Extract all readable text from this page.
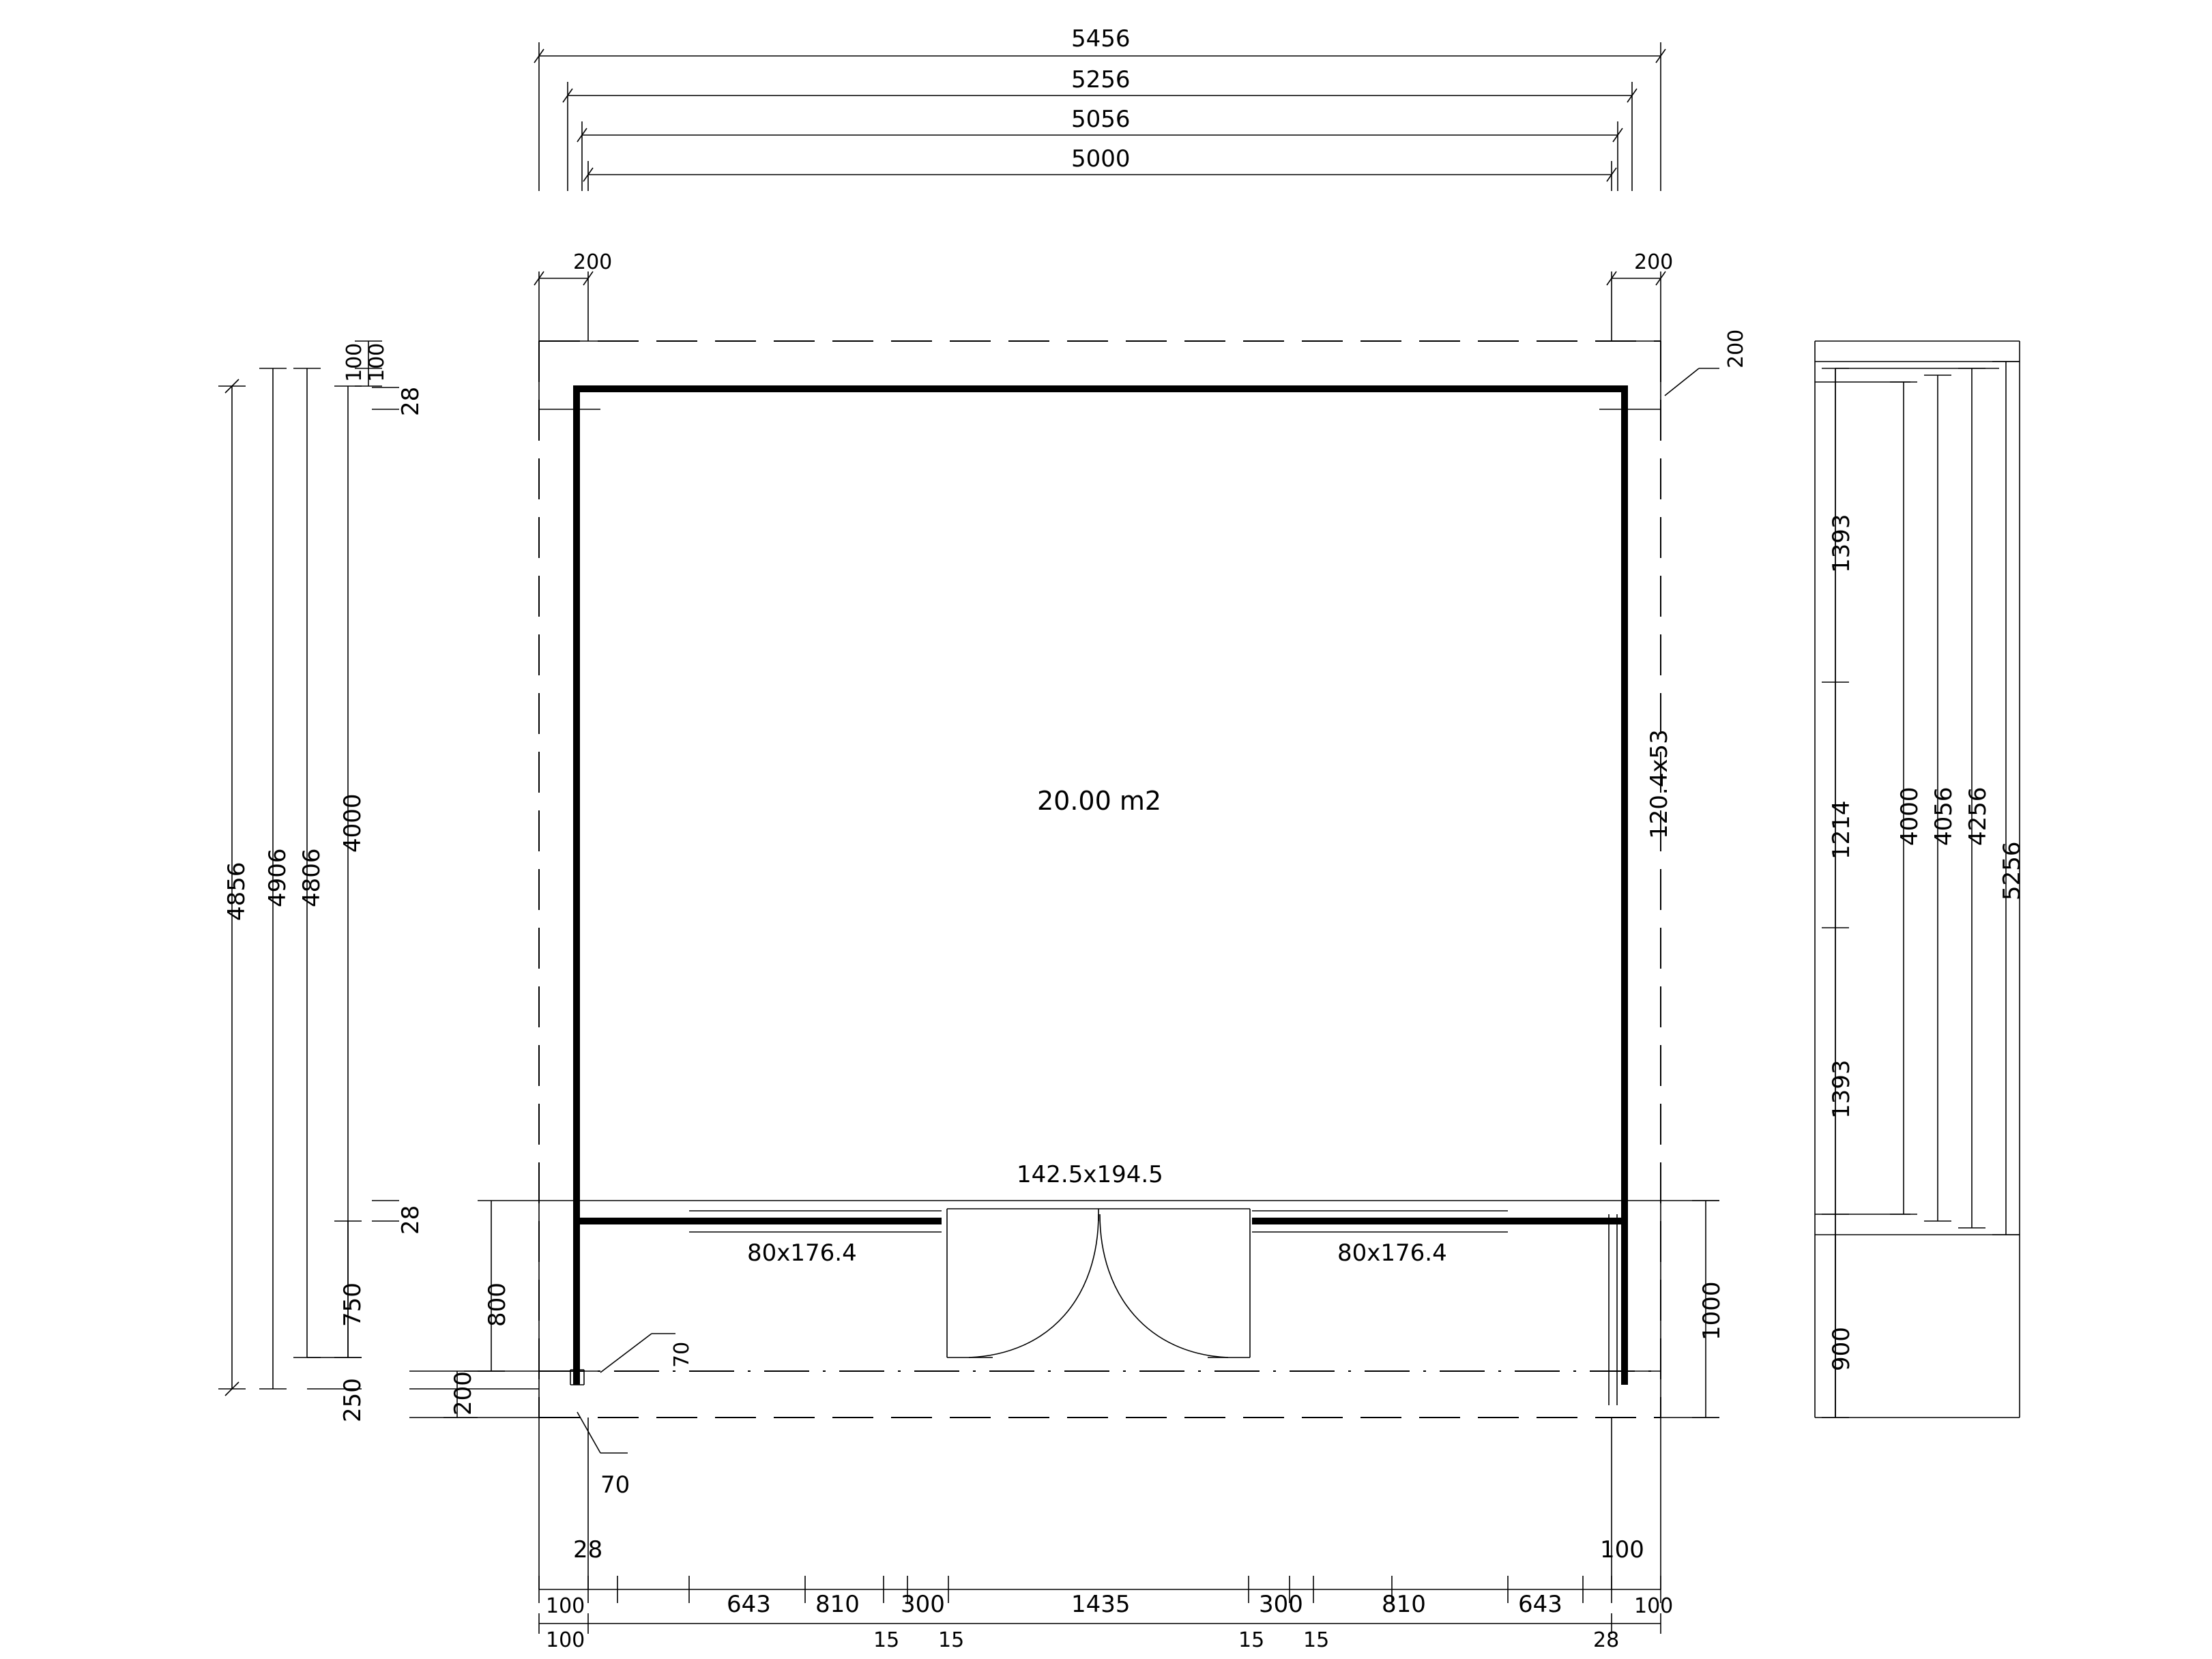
5456
5256
5056
5000
200	200
200
20.00 m2
142.5x194.5
80x176.4	80x176.4
120.4x53
4856 4906 4806
4000
100
100
28
28
750
250
800
200
70
70
1393
1214
1393
4000 4056 4256
5256
900
1000
28	100
100	643 810 300	1435	300	810	643	100
100	15 15	15 15	28
